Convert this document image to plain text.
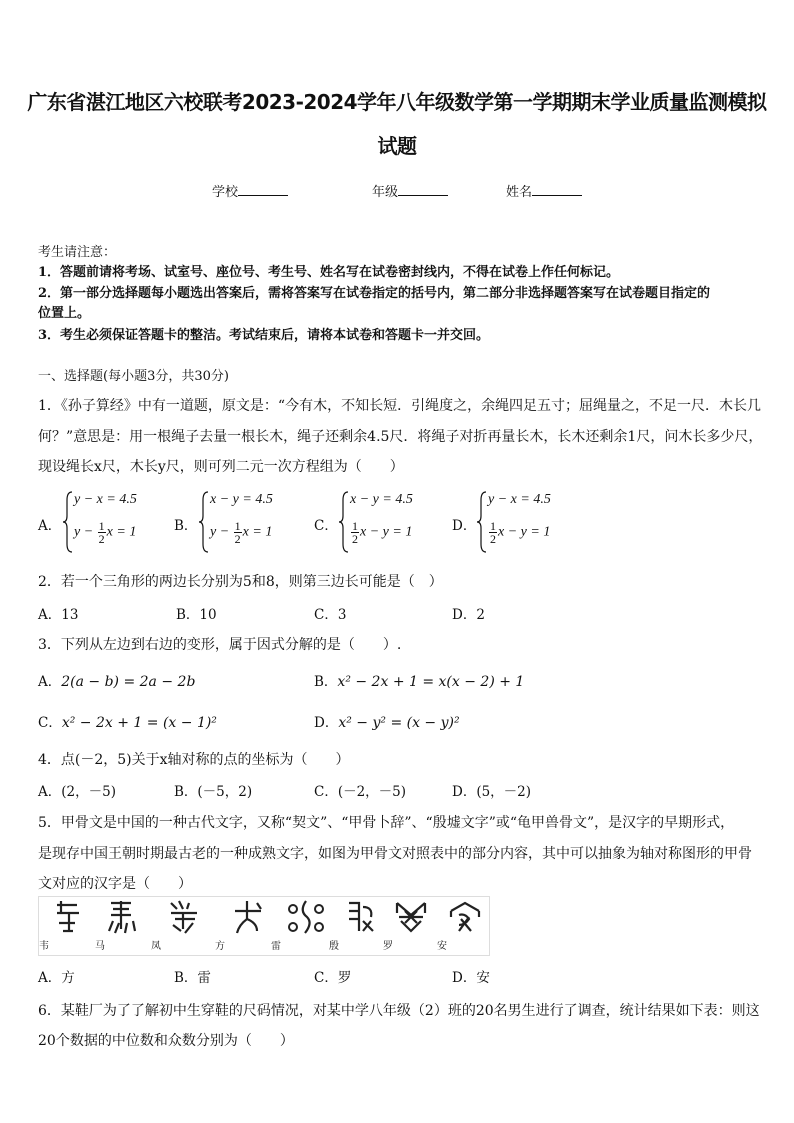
广东省湛江地区六校联考2023-2024学年八年级数学第一学期期末学业质量监测模拟
试题
学校	年级	姓名
考生请注意：
1．答题前请将考场、试室号、座位号、考生号、姓名写在试卷密封线内，不得在试卷上作任何标记。
2．第一部分选择题每小题选出答案后，需将答案写在试卷指定的括号内，第二部分非选择题答案写在试卷题目指定的
位置上。
3．考生必须保证答题卡的整洁。考试结束后，请将本试卷和答题卡一并交回。
一、选择题(每小题3分，共30分)
1．《孙子算经》中有一道题，原文是：“今有木，不知长短．引绳度之，余绳四足五寸；屈绳量之，不足一尺．木长几
何？”意思是：用一根绳子去量一根长木，绳子还剩余4.5尺．将绳子对折再量长木，长木还剩余1尺，问木长多少尺，
现设绳长x尺，木长y尺，则可列二元一次方程组为（　　）
A．
y − x = 4.5
$y - \frac{1}{2}$ x = 1	B．
x − y = 4.5
$y - \frac{1}{2}$ x = 1	C．
x − y = 4.5
$\frac{1}{2}$ x − y = 1	D．
y − x = 4.5
$\frac{1}{2}$ x − y = 1
2．若一个三角形的两边长分别为5和8，则第三边长可能是（　）
A．13	B．10	C．3	D．2
3．下列从左边到右边的变形，属于因式分解的是（　　）.
A．2(a − b) = 2a − 2b	B．x² − 2x + 1 = x(x − 2) + 1
C．x² − 2x + 1 = (x − 1)²	D．x² − y² = (x − y)²
4．点(－2，5)关于x轴对称的点的坐标为（　　）
A．(2，－5)	B．(－5，2)	C．(－2，－5)	D．(5，－2)
5．甲骨文是中国的一种古代文字，又称“契文”、“甲骨卜辞”、“殷墟文字”或“龟甲兽骨文”，是汉字的早期形式，
是现存中国王朝时期最古老的一种成熟文字，如图为甲骨文对照表中的部分内容，其中可以抽象为轴对称图形的甲骨
文对应的汉字是（　　）
韦	马	凤	方	雷	殷	罗	安
A．方	B．雷	C．罗	D．安
6．某鞋厂为了了解初中生穿鞋的尺码情况，对某中学八年级（2）班的20名男生进行了调查，统计结果如下表：则这
20个数据的中位数和众数分别为（　　）
